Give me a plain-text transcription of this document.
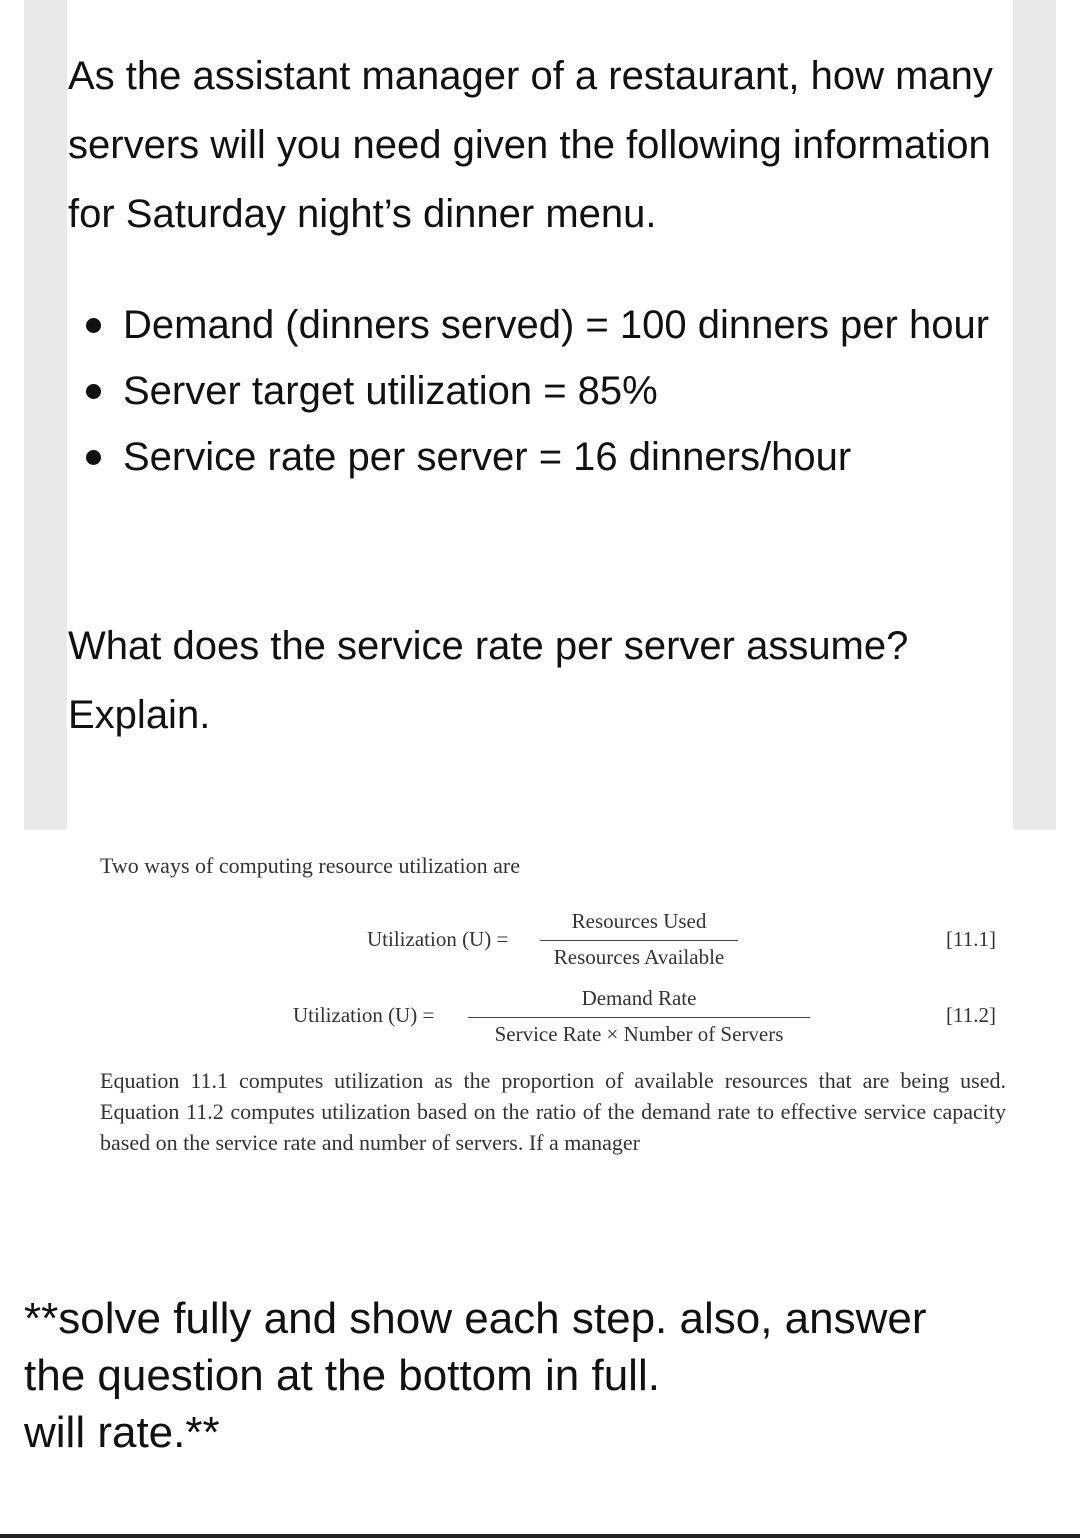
As the assistant manager of a restaurant, how many servers will you need given the following information for Saturday night’s dinner menu.

Demand (dinners served) = 100 dinners per hour
Server target utilization = 85%
Service rate per server = 16 dinners/hour

What does the service rate per server assume? Explain.

Two ways of computing resource utilization are
Utilization (U) =
Resources Used
Resources Available
[11.1]
Utilization (U) =
Demand Rate
Service Rate × Number of Servers
[11.2]

Equation 11.1 computes utilization as the proportion of available resources that are being used. Equation 11.2 computes utilization based on the ratio of the demand rate to effective service capacity based on the service rate and number of servers. If a manager

**solve fully and show each step. also, answer
the question at the bottom in full.
will rate.**
